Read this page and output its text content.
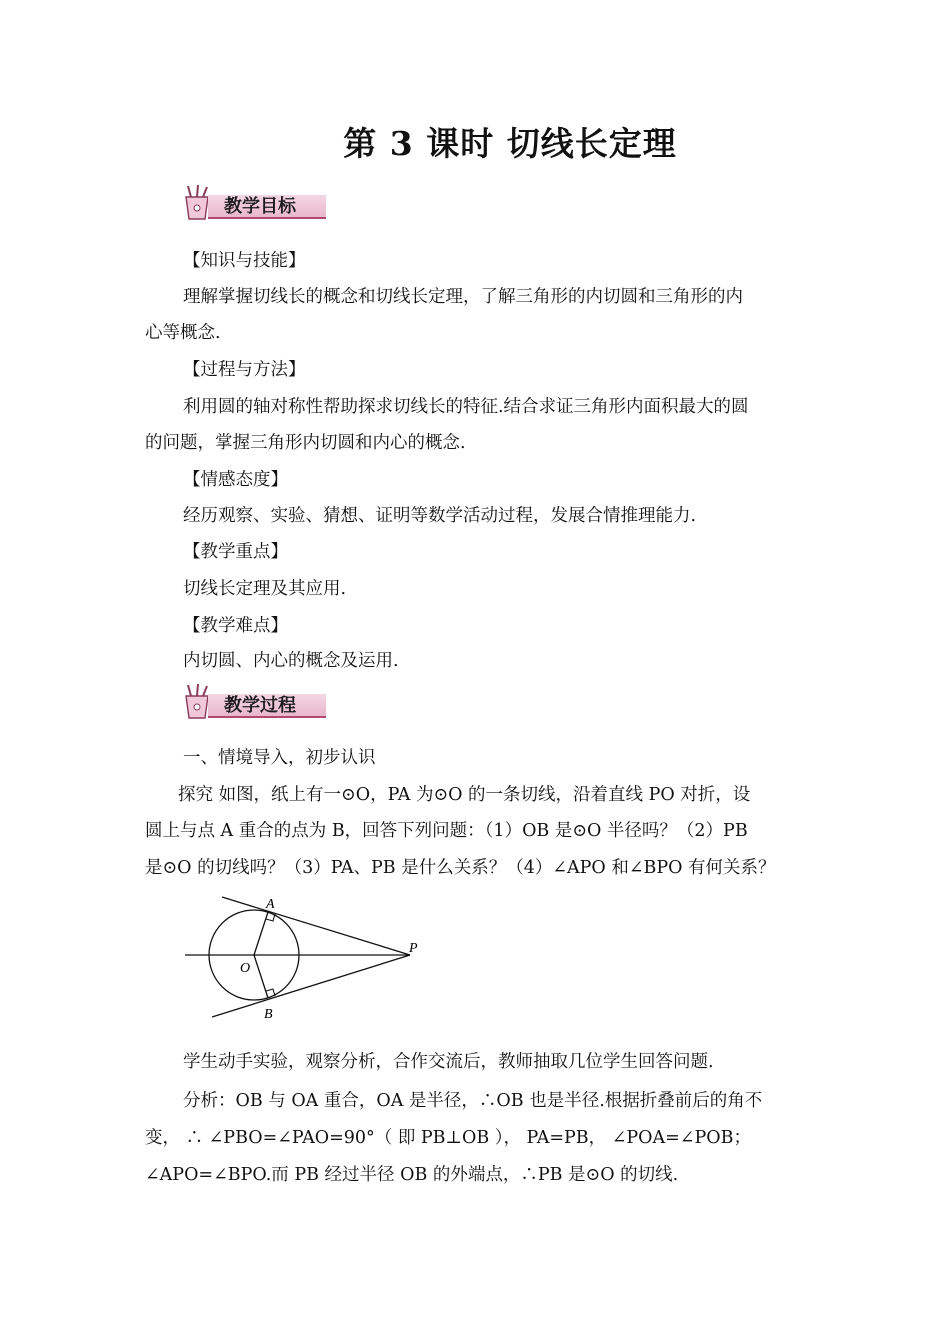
第 3 课时 切线长定理
教学目标
【知识与技能】
理解掌握切线长的概念和切线长定理，了解三角形的内切圆和三角形的内
心等概念.
【过程与方法】
利用圆的轴对称性帮助探求切线长的特征.结合求证三角形内面积最大的圆
的问题，掌握三角形内切圆和内心的概念.
【情感态度】
经历观察、实验、猜想、证明等数学活动过程，发展合情推理能力.
【教学重点】
切线长定理及其应用.
【教学难点】
内切圆、内心的概念及运用.
教学过程
一、情境导入，初步认识
探究 如图，纸上有一⊙O，PA 为⊙O 的一条切线，沿着直线 PO 对折，设
圆上与点 A 重合的点为 B，回答下列问题：（1）OB 是⊙O 半径吗？（2）PB
是⊙O 的切线吗？（3）PA、PB 是什么关系？（4）∠APO 和∠BPO 有何关系？
A
B
O
P
学生动手实验，观察分析，合作交流后，教师抽取几位学生回答问题.
分析：OB 与 OA 重合，OA 是半径，∴OB 也是半径.根据折叠前后的角不
变， ∴ ∠PBO=∠PAO=90°（ 即 PB⊥OB ）， PA=PB， ∠POA=∠POB；
∠APO=∠BPO.而 PB 经过半径 OB 的外端点，∴PB 是⊙O 的切线.
